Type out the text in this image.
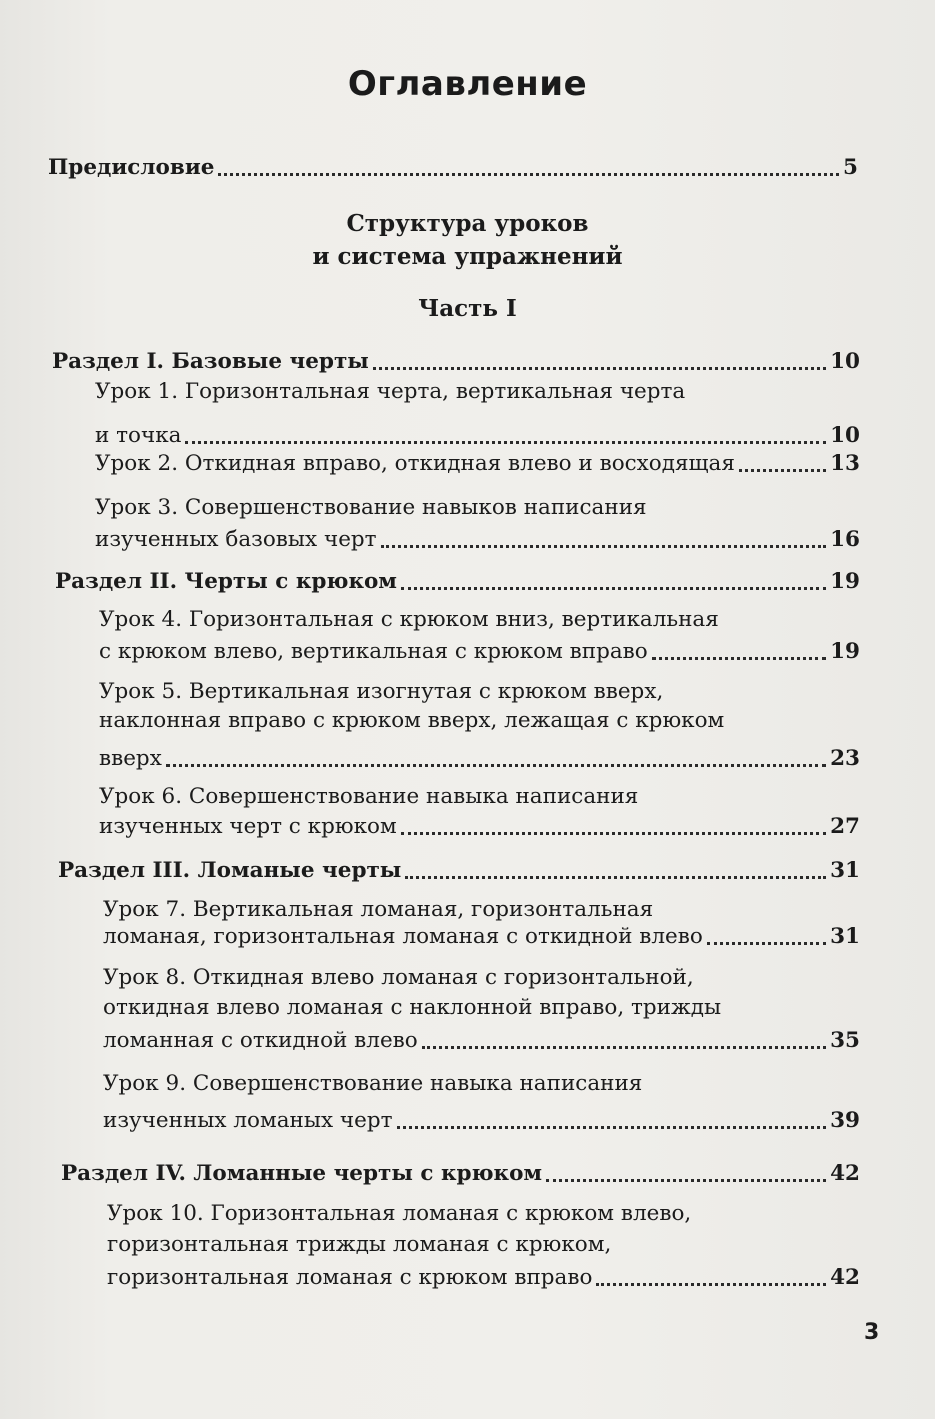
Оглавление
Предисловие	5
Структура уроков
и система упражнений
Часть I
3
Раздел I. Базовые черты	10
Урок 1. Горизонтальная черта, вертикальная черта
и точка	10
Урок 2. Откидная вправо, откидная влево и восходящая	13
Урок 3. Совершенствование навыков написания
изученных базовых черт	16
Раздел II. Черты с крюком	19
Урок 4. Горизонтальная с крюком вниз, вертикальная
с крюком влево, вертикальная с крюком вправо	19
Урок 5. Вертикальная изогнутая с крюком вверх,
наклонная вправо с крюком вверх, лежащая с крюком
вверх	23
Урок 6. Совершенствование навыка написания
изученных черт с крюком	27
Раздел III. Ломаные черты	31
Урок 7. Вертикальная ломаная, горизонтальная
ломаная, горизонтальная ломаная с откидной влево	31
Урок 8. Откидная влево ломаная с горизонтальной,
откидная влево ломаная с наклонной вправо, трижды
ломанная с откидной влево	35
Урок 9. Совершенствование навыка написания
изученных ломаных черт	39
Раздел IV. Ломанные черты с крюком	42
Урок 10. Горизонтальная ломаная с крюком влево,
горизонтальная трижды ломаная с крюком,
горизонтальная ломаная с крюком вправо	42
